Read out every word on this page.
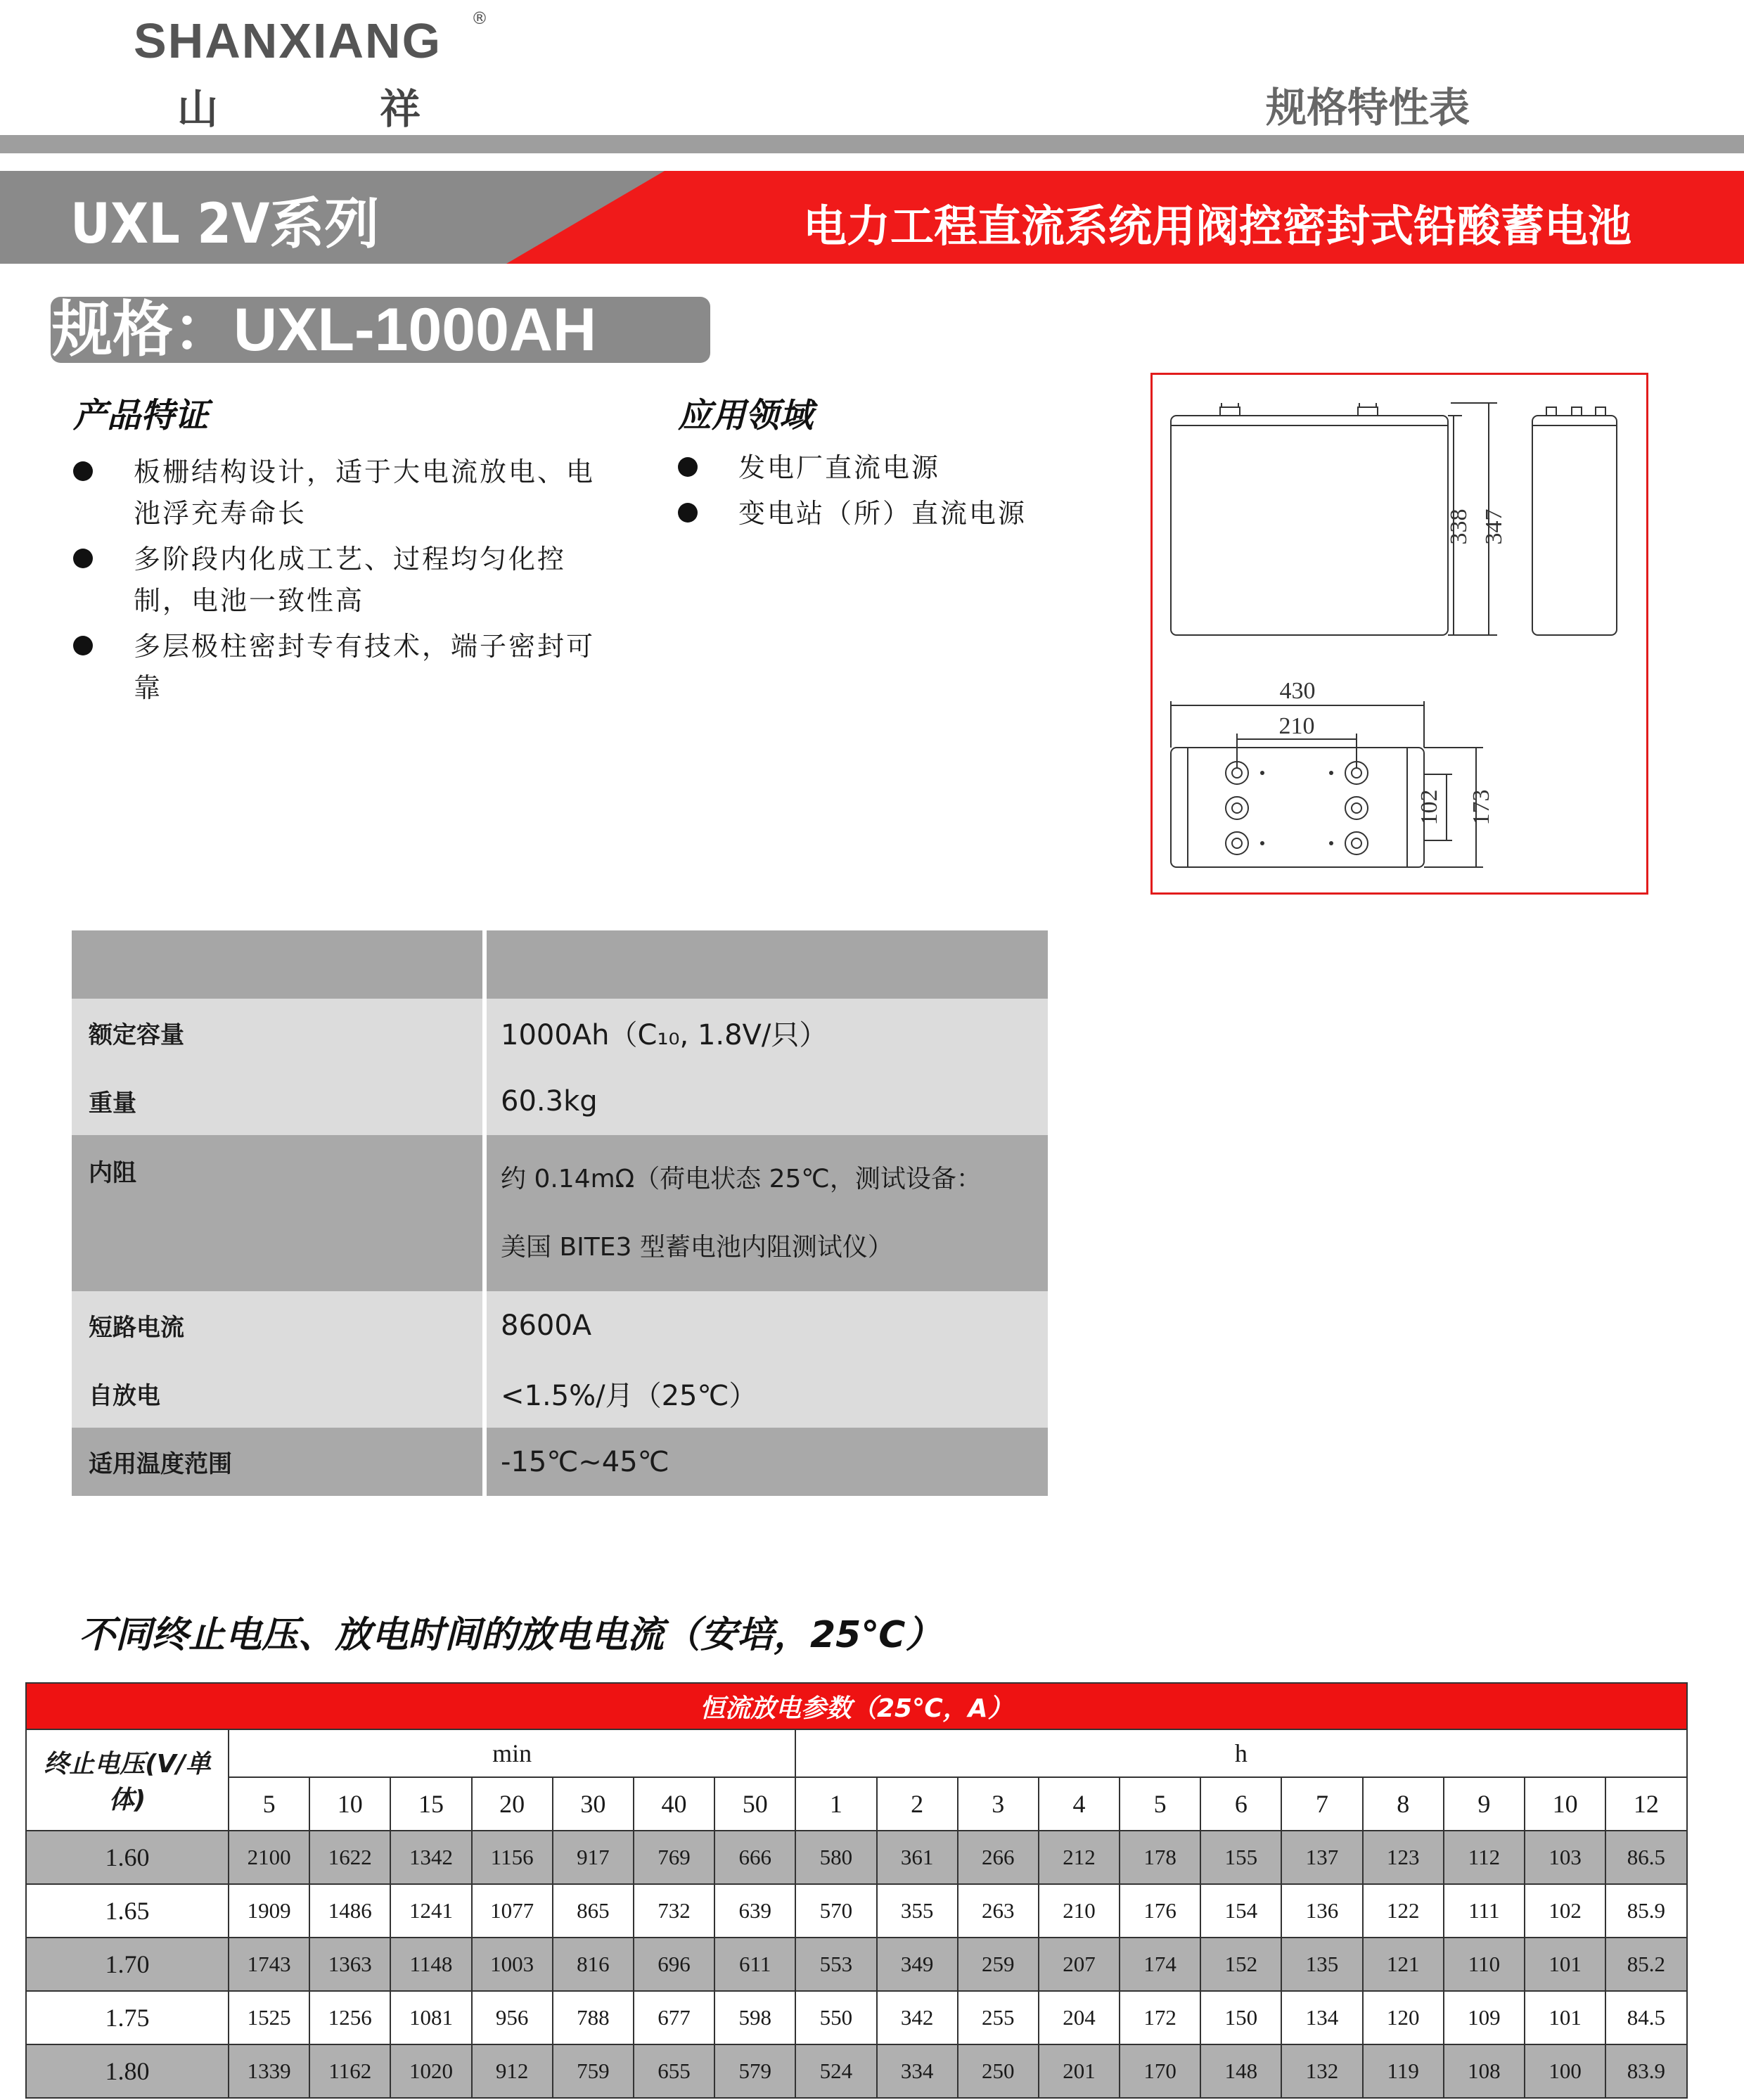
SHANXIANG ®
山	祥	规格特性表
UXL 2V系列	电力工程直流系统用阀控密封式铅酸蓄电池
规格：UXL-1000AH
产品特证
板栅结构设计，适于大电流放电、电池浮充寿命长
多阶段内化成工艺、过程均匀化控制，电池一致性高
多层极柱密封专有技术，端子密封可靠
应用领域
发电厂直流电源
变电站（所）直流电源	338 347
430
210
102 173

额定容量	1000Ah（C₁₀, 1.8V/只）
重量	60.3kg
内阻	约 0.14mΩ（荷电状态 25℃，测试设备：
美国 BITE3 型蓄电池内阻测试仪）

短路电流	8600A
自放电	<1.5%/月（25℃）
适用温度范围	-15℃~45℃
不同终止电压、放电时间的放电电流（安培，25℃）
恒流放电参数（25℃，A）																		
终止电压(V/单体)	min							h										
	5	10	15	20	30	40	50	1	2	3	4	5	6	7	8	9	10	12
1.60	2100	1622	1342	1156	917	769	666	580	361	266	212	178	155	137	123	112	103	86.5
1.65	1909	1486	1241	1077	865	732	639	570	355	263	210	176	154	136	122	111	102	85.9
1.70	1743	1363	1148	1003	816	696	611	553	349	259	207	174	152	135	121	110	101	85.2
1.75	1525	1256	1081	956	788	677	598	550	342	255	204	172	150	134	120	109	101	84.5
1.80	1339	1162	1020	912	759	655	579	524	334	250	201	170	148	132	119	108	100	83.9
